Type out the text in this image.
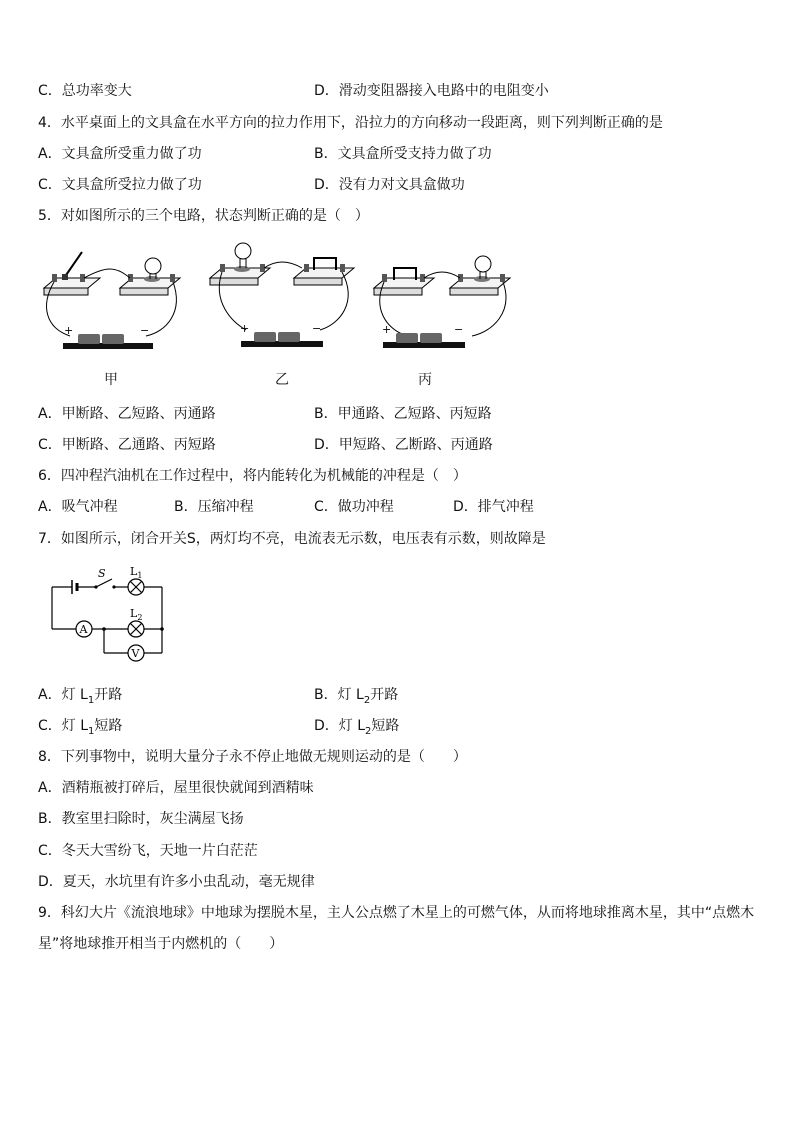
C．总功率变大	D．滑动变阻器接入电路中的电阻变小
4．水平桌面上的文具盒在水平方向的拉力作用下，沿拉力的方向移动一段距离，则下列判断正确的是
A．文具盒所受重力做了功	B．文具盒所受支持力做了功
C．文具盒所受拉力做了功	D．没有力对文具盒做功
5．对如图所示的三个电路，状态判断正确的是（　）
+	−	+	−	+	−
甲	乙	丙
A．甲断路、乙短路、丙通路	B．甲通路、乙短路、丙短路
C．甲断路、乙通路、丙短路	D．甲短路、乙断路、丙通路
6．四冲程汽油机在工作过程中，将内能转化为机械能的冲程是（　）
A．吸气冲程	B．压缩冲程	C．做功冲程	D．排气冲程
7．如图所示，闭合开关S，两灯均不亮，电流表无示数，电压表有示数，则故障是
S $L_1$
A
$L_2$
V
A．灯 $L_1$开路	B．灯 $L_2$开路
C．灯 $L_1$短路	D．灯 $L_2$短路
8．下列事物中，说明大量分子永不停止地做无规则运动的是（　　）
A．酒精瓶被打碎后，屋里很快就闻到酒精味
B．教室里扫除时，灰尘满屋飞扬
C．冬天大雪纷飞，天地一片白茫茫
D．夏天，水坑里有许多小虫乱动，毫无规律
9．科幻大片《流浪地球》中地球为摆脱木星，主人公点燃了木星上的可燃气体，从而将地球推离木星，其中“点燃木
星”将地球推开相当于内燃机的（　　）
